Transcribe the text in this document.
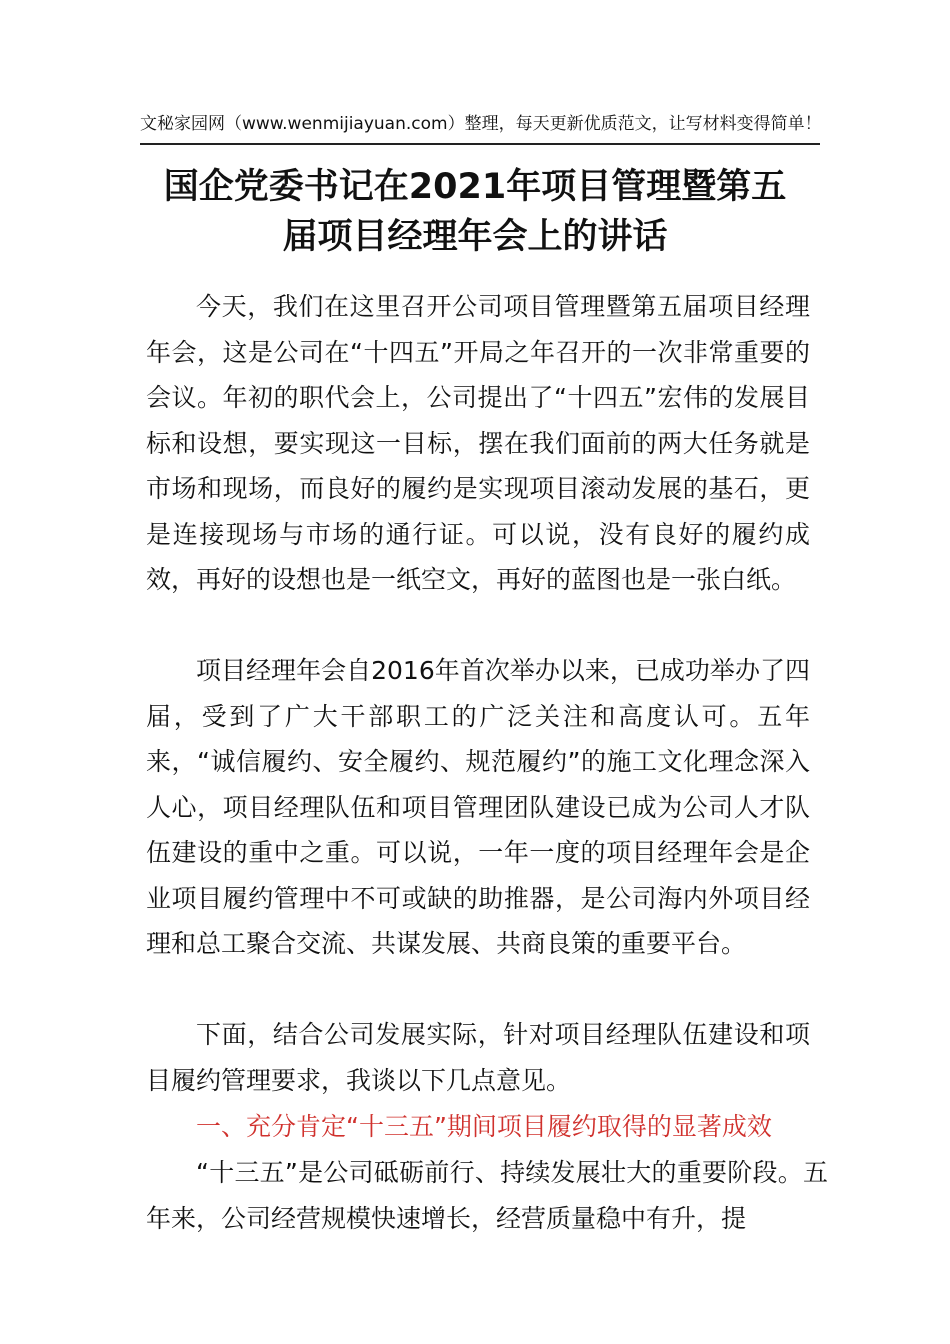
文秘家园网（www.wenmijiayuan.com）整理，每天更新优质范文，让写材料变得简单！
国企党委书记在2021年项目管理暨第五
届项目经理年会上的讲话

今天，我们在这里召开公司项目管理暨第五届项目经理年会，这是公司在“十四五”开局之年召开的一次非常重要的会议。年初的职代会上，公司提出了“十四五”宏伟的发展目标和设想，要实现这一目标，摆在我们面前的两大任务就是市场和现场，而良好的履约是实现项目滚动发展的基石，更是连接现场与市场的通行证。可以说，没有良好的履约成效，再好的设想也是一纸空文，再好的蓝图也是一张白纸。

项目经理年会自2016年首次举办以来，已成功举办了四届，受到了广大干部职工的广泛关注和高度认可。五年来，“诚信履约、安全履约、规范履约”的施工文化理念深入人心，项目经理队伍和项目管理团队建设已成为公司人才队伍建设的重中之重。可以说，一年一度的项目经理年会是企业项目履约管理中不可或缺的助推器，是公司海内外项目经理和总工聚合交流、共谋发展、共商良策的重要平台。

下面，结合公司发展实际，针对项目经理队伍建设和项目履约管理要求，我谈以下几点意见。

一、充分肯定“十三五”期间项目履约取得的显著成效

“十三五”是公司砥砺前行、持续发展壮大的重要阶段。五年来，公司经营规模快速增长，经营质量稳中有升，提
